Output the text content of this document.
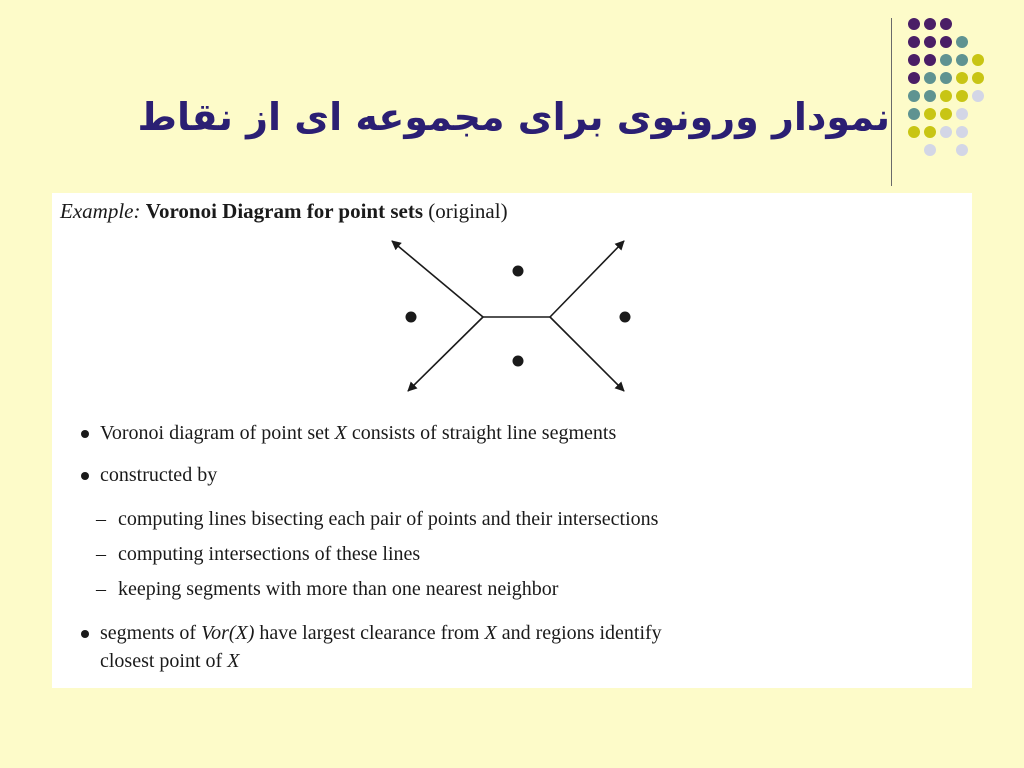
نمودار ورونوی برای مجموعه ای از نقاط
Example: Voronoi Diagram for point sets (original)
Voronoi diagram of point set X consists of straight line segments
constructed by
– computing lines bisecting each pair of points and their intersections
– computing intersections of these lines
– keeping segments with more than one nearest neighbor
segments of Vor(X) have largest clearance from X and regions identify
closest point of X
